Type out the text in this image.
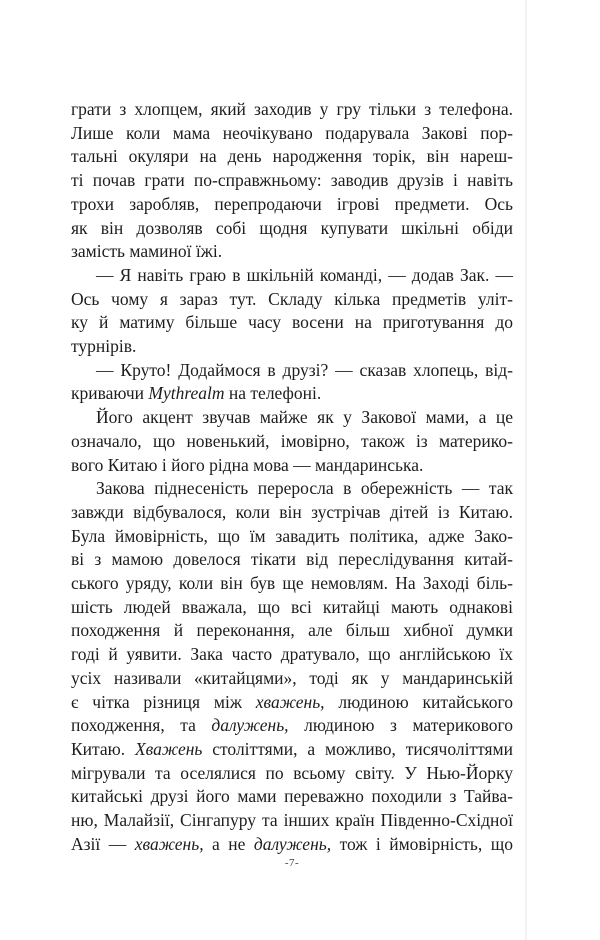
грати з хлопцем, який заходив у гру тільки з телефона.
Лише коли мама неочікувано подарувала Закові пор-
тальні окуляри на день народження торік, він нареш-
ті почав грати по-справжньому: заводив друзів і навіть
трохи заробляв, перепродаючи ігрові предмети. Ось
як він дозволяв собі щодня купувати шкільні обіди
замість маминої їжі.
— Я навіть граю в шкільній команді, — додав Зак. —
Ось чому я зараз тут. Складу кілька предметів уліт-
ку й матиму більше часу восени на приготування до
турнірів.
— Круто! Додаймося в друзі? — сказав хлопець, від-
криваючи Mythrealm на телефоні.
Його акцент звучав майже як у Закової мами, а це
означало, що новенький, імовірно, також із материко-
вого Китаю і його рідна мова — мандаринська.
Закова піднесеність переросла в обережність — так
завжди відбувалося, коли він зустрічав дітей із Китаю.
Була ймовірність, що їм завадить політика, адже Зако-
ві з мамою довелося тікати від переслідування китай-
ського уряду, коли він був ще немовлям. На Заході біль-
шість людей вважала, що всі китайці мають однакові
походження й переконання, але більш хибної думки
годі й уявити. Зака часто дратувало, що англійською їх
усіх називали «китайцями», тоді як у мандаринській
є чітка різниця між хважень, людиною китайського
походження, та далужень, людиною з материкового
Китаю. Хважень століттями, а можливо, тисячоліттями
мігрували та оселялися по всьому світу. У Нью-Йорку
китайські друзі його мами переважно походили з Тайва-
ню, Малайзії, Сінгапуру та інших країн Південно-Східної
Азії — хважень, а не далужень, тож і ймовірність, що
-7-
